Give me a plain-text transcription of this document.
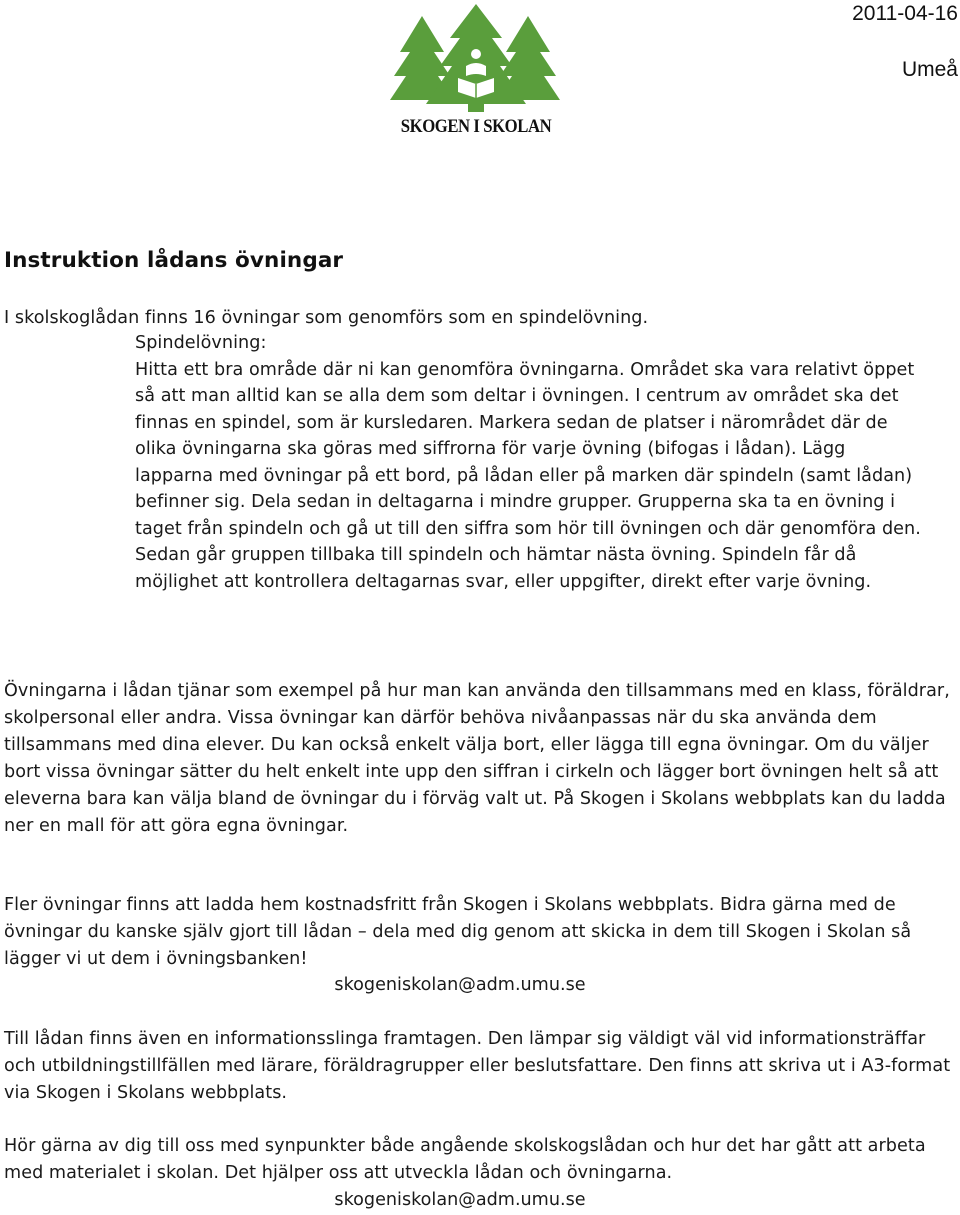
2011-04-16
Umeå
SKOGEN I SKOLAN
Instruktion lådans övningar

I skolskoglådan finns 16 övningar som genomförs som en spindelövning.

Spindelövning:
Hitta ett bra område där ni kan genomföra övningarna. Området ska vara relativt öppet så att man alltid kan se alla dem som deltar i övningen. I centrum av området ska det finnas en spindel, som är kursledaren. Markera sedan de platser i närområdet där de olika övningarna ska göras med siffrorna för varje övning (bifogas i lådan). Lägg lapparna med övningar på ett bord, på lådan eller på marken där spindeln (samt lådan) befinner sig. Dela sedan in deltagarna i mindre grupper. Grupperna ska ta en övning i taget från spindeln och gå ut till den siffra som hör till övningen och där genomföra den. Sedan går gruppen tillbaka till spindeln och hämtar nästa övning. Spindeln får då möjlighet att kontrollera deltagarnas svar, eller uppgifter, direkt efter varje övning.

Övningarna i lådan tjänar som exempel på hur man kan använda den tillsammans med en klass, föräldrar, skolpersonal eller andra. Vissa övningar kan därför behöva nivåanpassas när du ska använda dem tillsammans med dina elever. Du kan också enkelt välja bort, eller lägga till egna övningar. Om du väljer bort vissa övningar sätter du helt enkelt inte upp den siffran i cirkeln och lägger bort övningen helt så att eleverna bara kan välja bland de övningar du i förväg valt ut. På Skogen i Skolans webbplats kan du ladda ner en mall för att göra egna övningar.

Fler övningar finns att ladda hem kostnadsfritt från Skogen i Skolans webbplats. Bidra gärna med de övningar du kanske själv gjort till lådan – dela med dig genom att skicka in dem till Skogen i Skolan så lägger vi ut dem i övningsbanken!

skogeniskolan@adm.umu.se

Till lådan finns även en informationsslinga framtagen. Den lämpar sig väldigt väl vid informationsträffar och utbildningstillfällen med lärare, föräldragrupper eller beslutsfattare. Den finns att skriva ut i A3-format via Skogen i Skolans webbplats.

Hör gärna av dig till oss med synpunkter både angående skolskogslådan och hur det har gått att arbeta med materialet i skolan. Det hjälper oss att utveckla lådan och övningarna.

skogeniskolan@adm.umu.se
